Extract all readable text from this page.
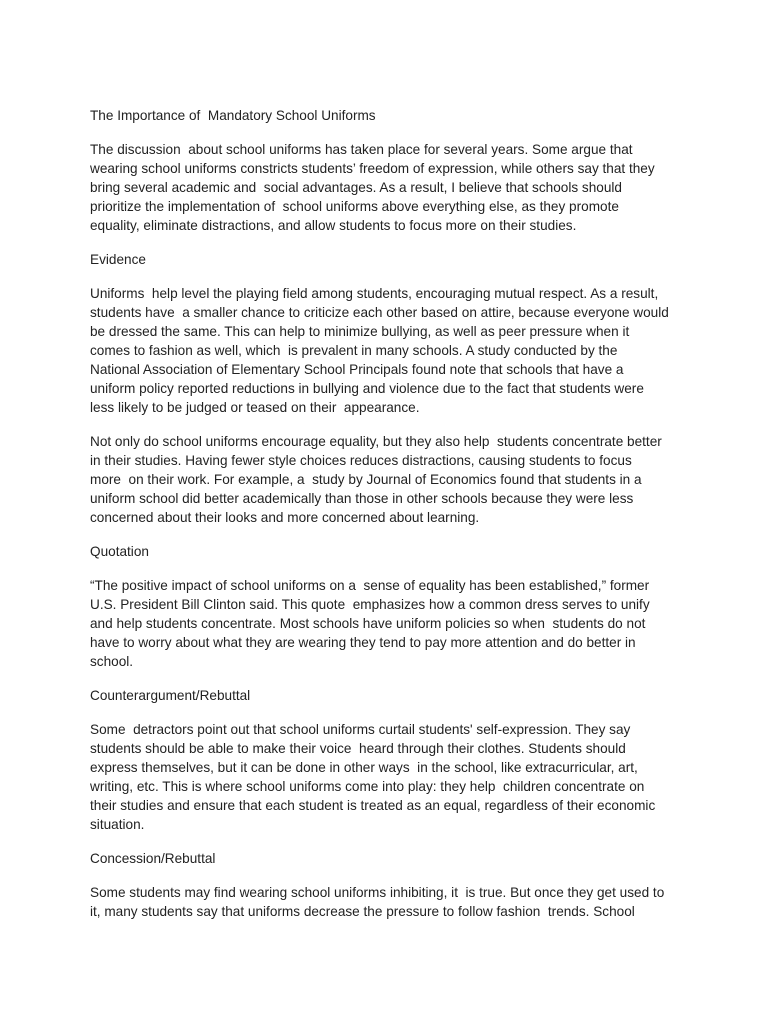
The Importance of  Mandatory School Uniforms
The discussion  about school uniforms has taken place for several years. Some argue that
wearing school uniforms constricts students’ freedom of expression, while others say that they
bring several academic and  social advantages. As a result, I believe that schools should
prioritize the implementation of  school uniforms above everything else, as they promote
equality, eliminate distractions, and allow students to focus more on their studies.
Evidence
Uniforms  help level the playing field among students, encouraging mutual respect. As a result,
students have  a smaller chance to criticize each other based on attire, because everyone would
be dressed the same. This can help to minimize bullying, as well as peer pressure when it
comes to fashion as well, which  is prevalent in many schools. A study conducted by the
National Association of Elementary School Principals found note that schools that have a
uniform policy reported reductions in bullying and violence due to the fact that students were
less likely to be judged or teased on their  appearance.
Not only do school uniforms encourage equality, but they also help  students concentrate better
in their studies. Having fewer style choices reduces distractions, causing students to focus
more  on their work. For example, a  study by Journal of Economics found that students in a
uniform school did better academically than those in other schools because they were less
concerned about their looks and more concerned about learning.
Quotation
“The positive impact of school uniforms on a  sense of equality has been established,” former
U.S. President Bill Clinton said. This quote  emphasizes how a common dress serves to unify
and help students concentrate. Most schools have uniform policies so when  students do not
have to worry about what they are wearing they tend to pay more attention and do better in
school.
Counterargument/Rebuttal
Some  detractors point out that school uniforms curtail students' self-expression. They say
students should be able to make their voice  heard through their clothes. Students should
express themselves, but it can be done in other ways  in the school, like extracurricular, art,
writing, etc. This is where school uniforms come into play: they help  children concentrate on
their studies and ensure that each student is treated as an equal, regardless of their economic
situation.
Concession/Rebuttal
Some students may find wearing school uniforms inhibiting, it  is true. But once they get used to
it, many students say that uniforms decrease the pressure to follow fashion  trends. School
